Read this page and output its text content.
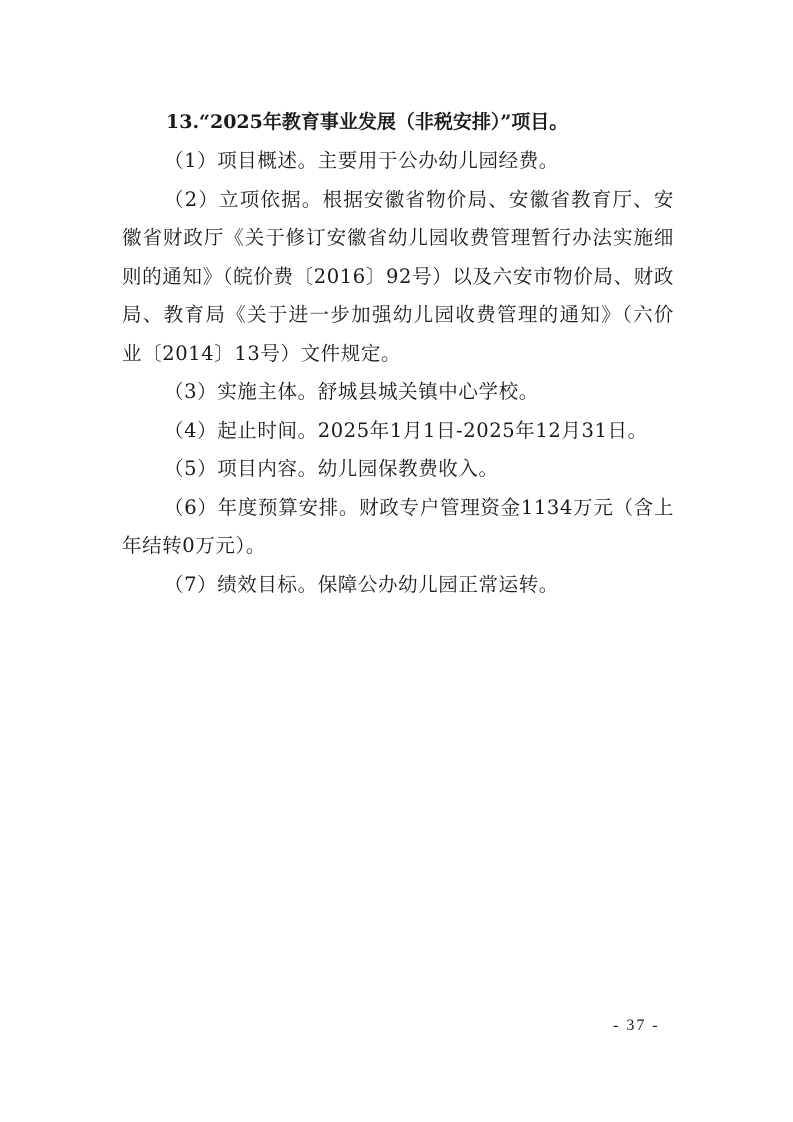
13.“2025年教育事业发展（非税安排）”项目。

（1）项目概述。主要用于公办幼儿园经费。

（2）立项依据。根据安徽省物价局、安徽省教育厅、安徽省财政厅《关于修订安徽省幼儿园收费管理暂行办法实施细则的通知》（皖价费〔2016〕92号）以及六安市物价局、财政局、教育局《关于进一步加强幼儿园收费管理的通知》（六价业〔2014〕13号）文件规定。

（3）实施主体。舒城县城关镇中心学校。

（4）起止时间。2025年1月1日-2025年12月31日。

（5）项目内容。幼儿园保教费收入。

（6）年度预算安排。财政专户管理资金1134万元（含上年结转0万元）。

（7）绩效目标。保障公办幼儿园正常运转。

- 37 -
